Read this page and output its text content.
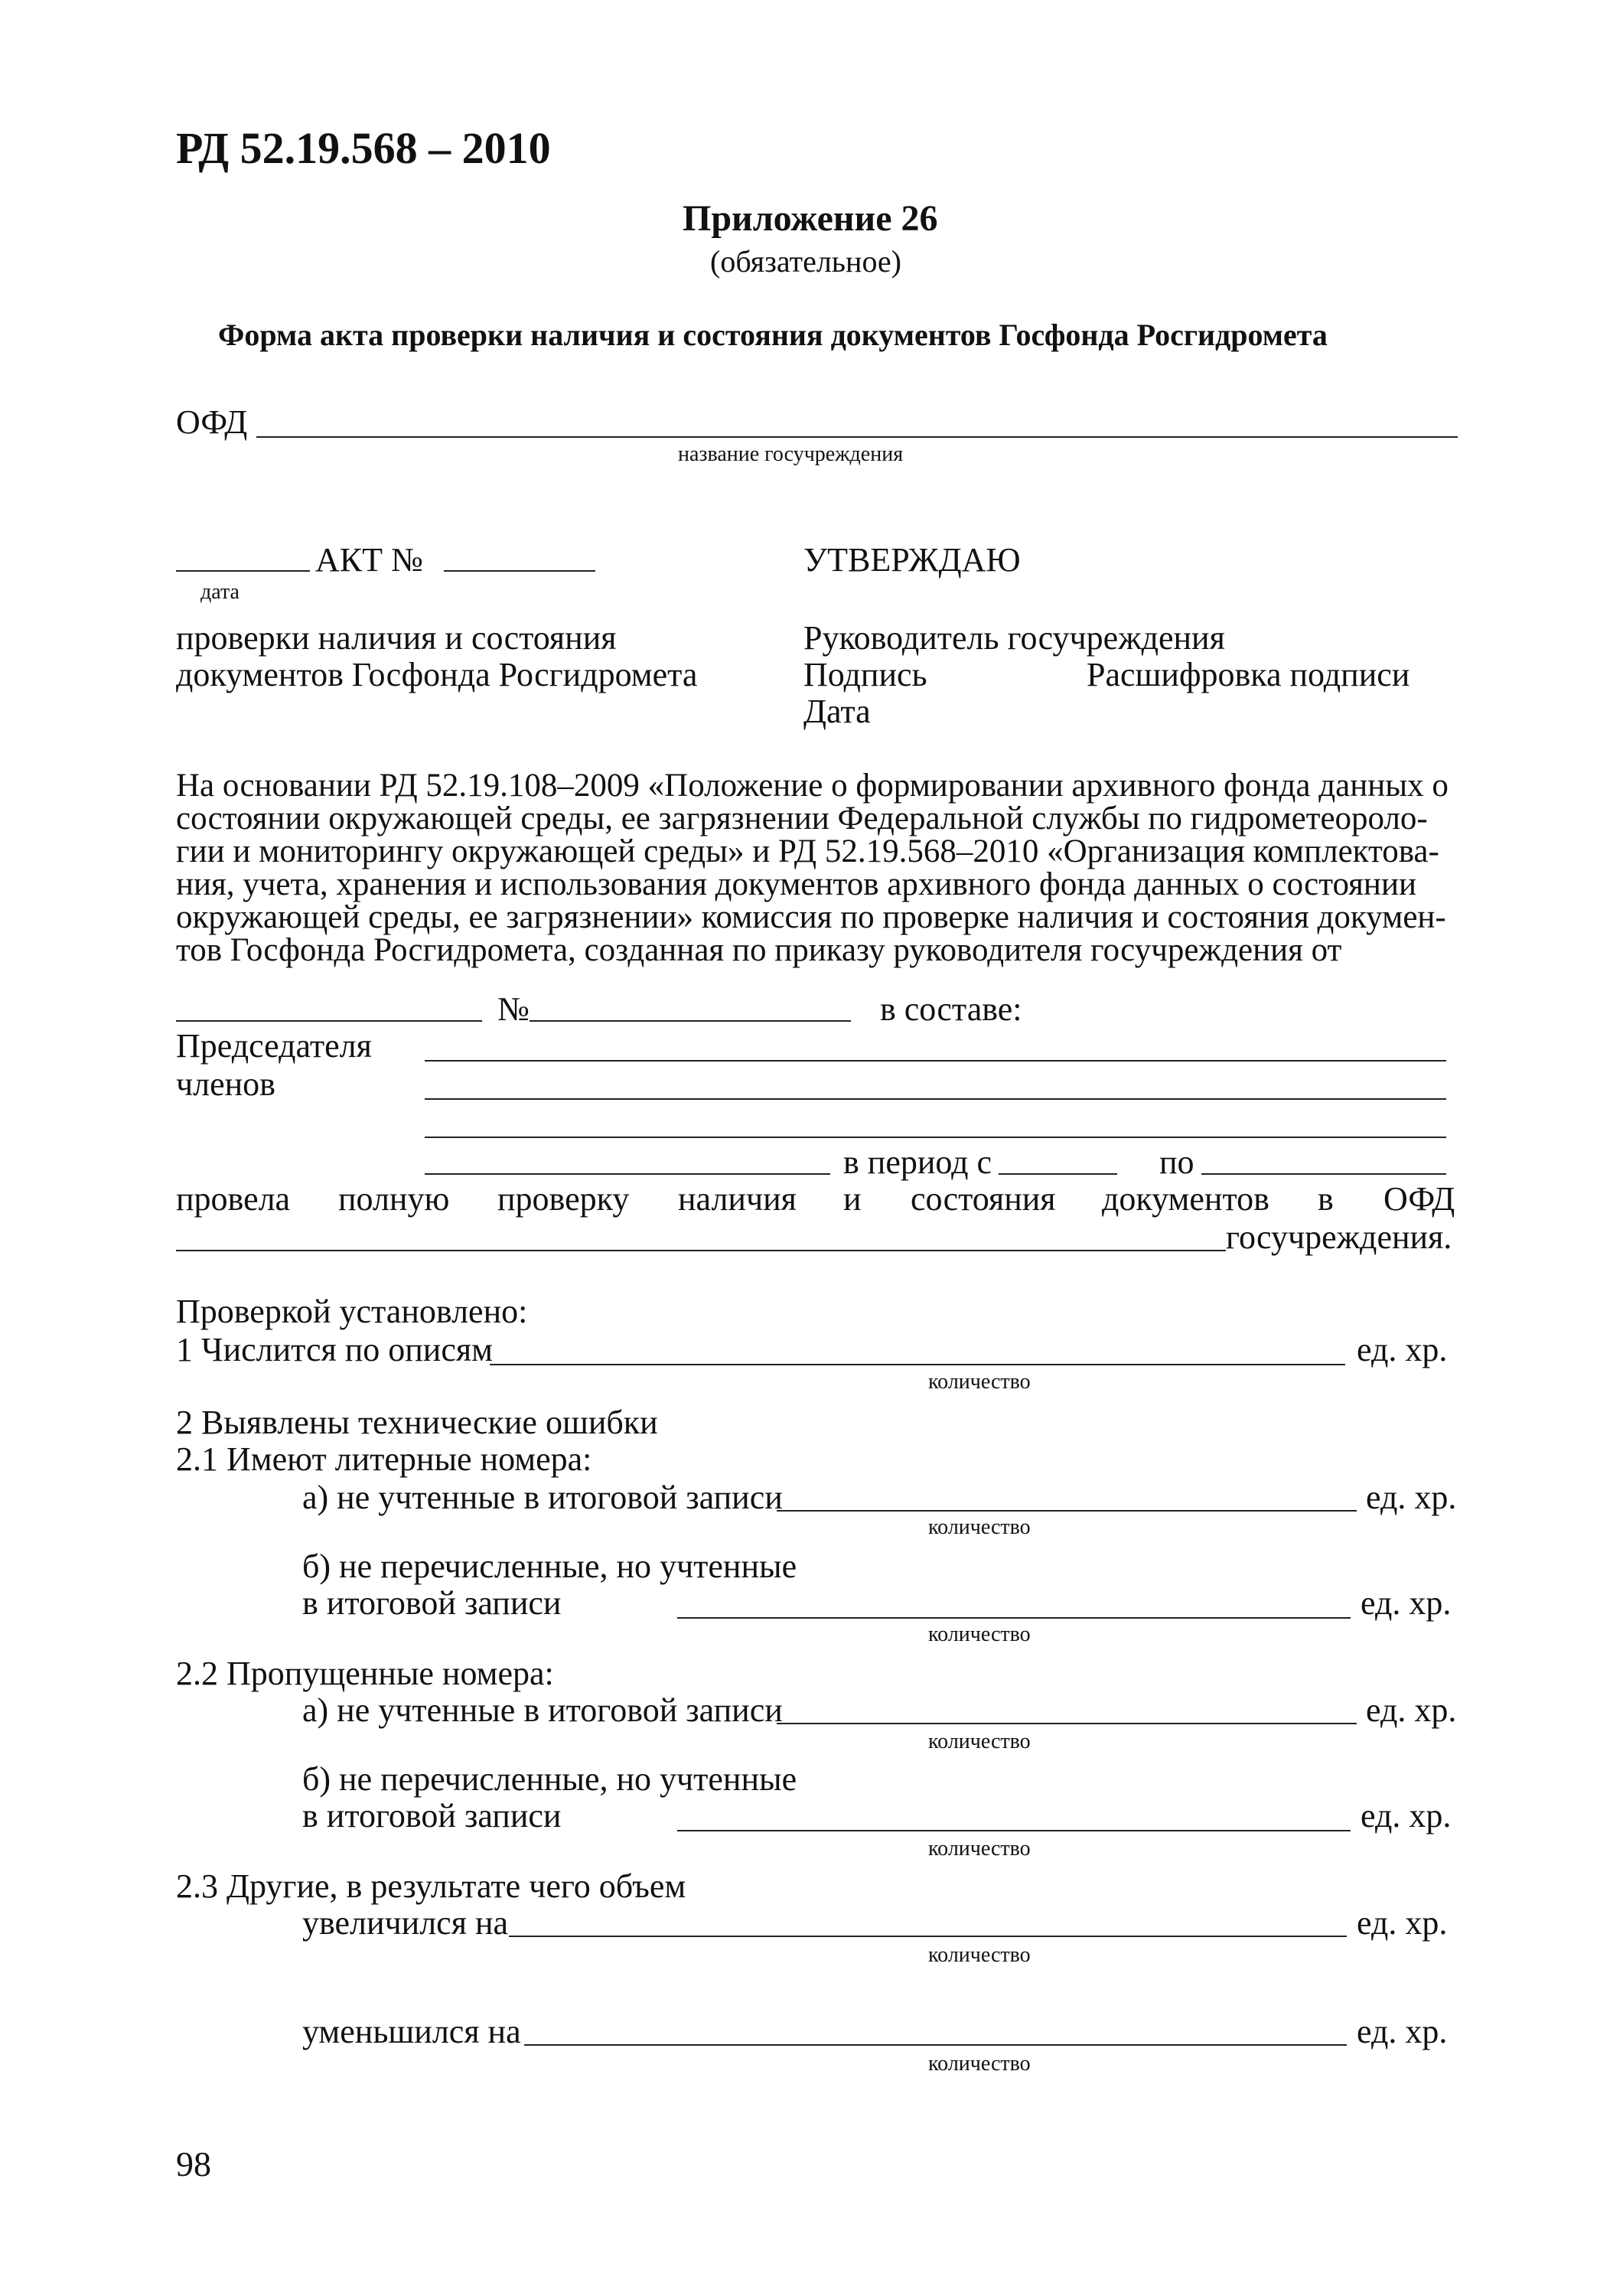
РД 52.19.568 – 2010
Приложение 26
(обязательное)
Форма акта проверки наличия и состояния документов Госфонда Росгидромета
ОФД
название госучреждения
АКТ №
дата
проверки наличия и состояния
документов Госфонда Росгидромета
УТВЕРЖДАЮ
Руководитель госучреждения
Подпись	Расшифровка подписи
Дата
На основании РД 52.19.108–2009 «Положение о формировании архивного фонда данных о
состоянии окружающей среды, ее загрязнении Федеральной службы по гидрометеороло-
гии и мониторингу окружающей среды» и РД 52.19.568–2010 «Организация комплектова-
ния, учета, хранения и использования документов архивного фонда данных о состоянии
окружающей среды, ее загрязнении» комиссия по проверке наличия и состояния докумен-
тов Госфонда Росгидромета, созданная по приказу руководителя госучреждения от
№	в составе:
Председателя
членов
в период с	по
провела полную проверку наличия и состояния документов в ОФД
госучреждения.
Проверкой установлено:
1 Числится по описям	ед. хр.
количество
2 Выявлены технические ошибки
2.1 Имеют литерные номера:
а) не учтенные в итоговой записи	ед. хр.
количество
б) не перечисленные, но учтенные
в итоговой записи	ед. хр.
количество
2.2 Пропущенные номера:
а) не учтенные в итоговой записи	ед. хр.
количество
б) не перечисленные, но учтенные
в итоговой записи	ед. хр.
количество
2.3 Другие, в результате чего объем
увеличился на	ед. хр.
количество
уменьшился на	ед. хр.
количество
98
